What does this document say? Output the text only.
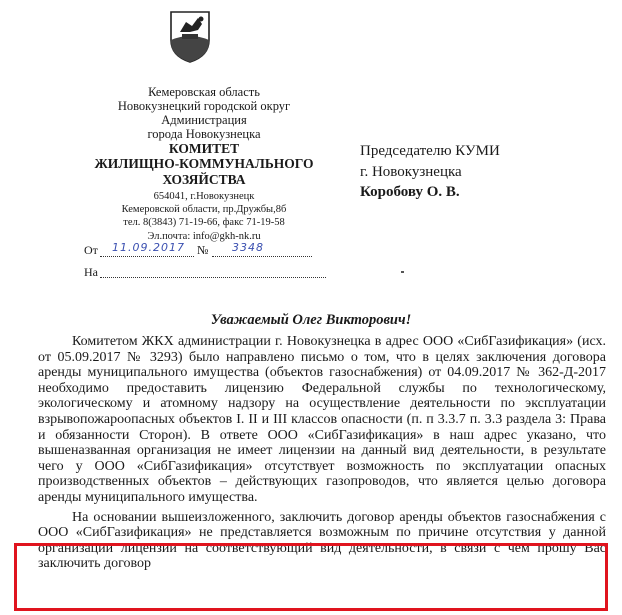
Кемеровская область
Новокузнецкий городской округ
Администрация
города Новокузнецка
КОМИТЕТ
ЖИЛИЩНО-КОММУНАЛЬНОГО
ХОЗЯЙСТВА
654041, г.Новокузнецк
Кемеровской области, пр.Дружбы,8б
тел. 8(3843) 71-19-66, факс 71-19-58
Эл.почта: info@gkh-nk.ru
От 11.09.2017 № 3348
На
Председателю КУМИ
г. Новокузнецка
Коробову О. В.
Уважаемый Олег Викторович!

Комитетом ЖКХ администрации г. Новокузнецка в адрес ООО «СибГазификация» (исх. от 05.09.2017 № 3293) было направлено письмо о том, что в целях заключения договора аренды муниципального имущества (объектов газоснабжения) от 04.09.2017 № 362-Д-2017 необходимо предоставить лицензию Федеральной службы по технологическому, экологическому и атомному надзору на осуществление деятельности по эксплуатации взрывопожароопасных объектов I. II и III классов опасности (п. п 3.3.7 п. 3.3 раздела 3: Права и обязанности Сторон). В ответе ООО «СибГазификация» в наш адрес указано, что вышеназванная организация не имеет лицензии на данный вид деятельности, в результате чего у ООО «СибГазификация» отсутствует возможность по эксплуатации опасных производственных объектов – действующих газопроводов, что является целью договора аренды муниципального имущества.

На основании вышеизложенного, заключить договор аренды объектов газоснабжения с ООО «СибГазификация» не представляется возможным по причине отсутствия у данной организации лицензии на соответствующий вид деятельности, в связи с чем прошу Вас заключить договор
